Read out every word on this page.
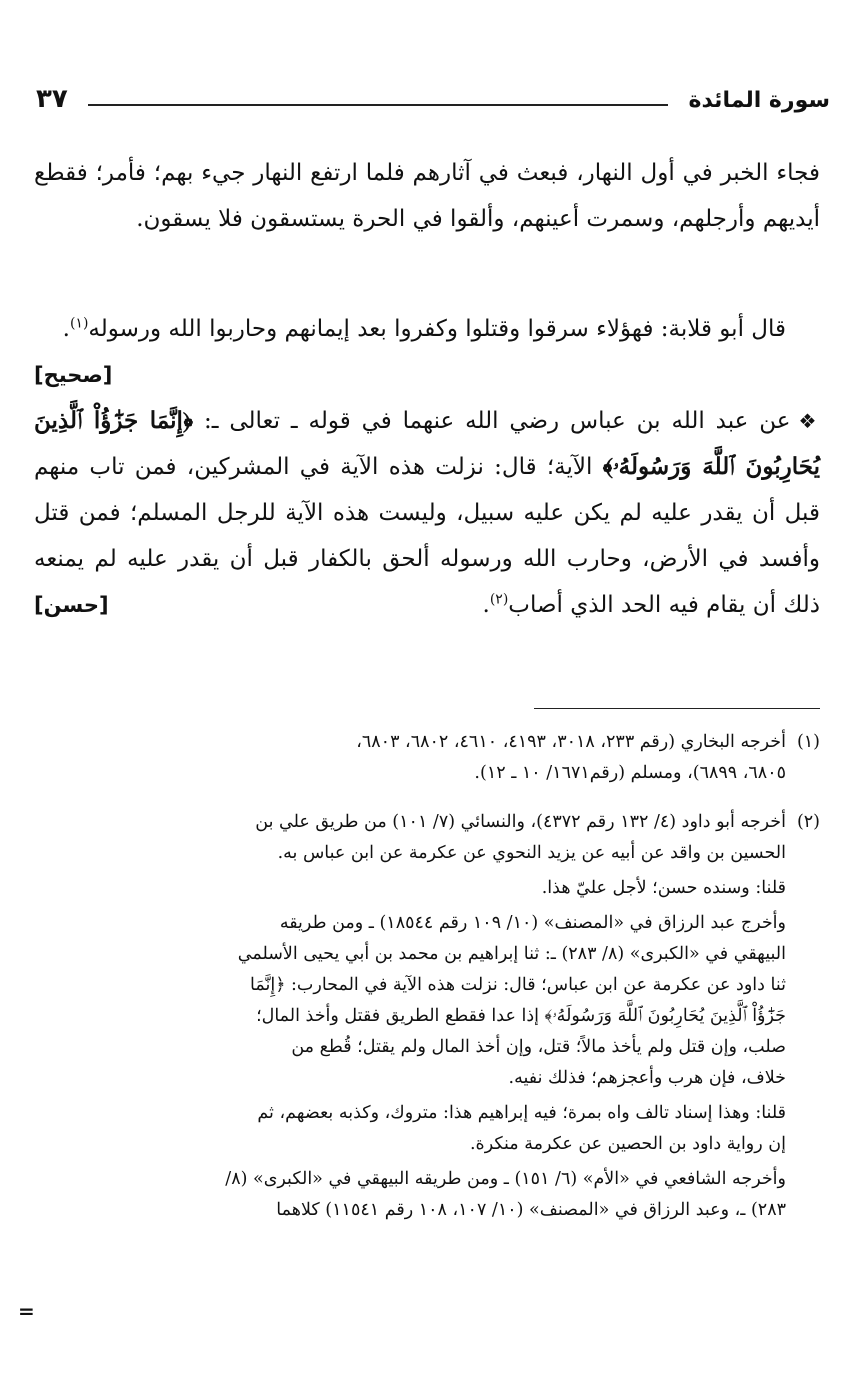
سورة المائدة
٣٧

فجاء الخبر في أول النهار، فبعث في آثارهم فلما ارتفع النهار جيء بهم؛ فأمر؛ فقطع أيديهم وأرجلهم، وسمرت أعينهم، وألقوا في الحرة يستسقون فلا يسقون.

قال أبو قلابة: فهؤلاء سرقوا وقتلوا وكفروا بعد إيمانهم وحاربوا الله ورسوله$^{(١)}$.
[صحيح]

❖عن عبد الله بن عباس رضي الله عنهما في قوله ـ تعالى ـ: ﴿إِنَّمَا جَزَٰٓؤُاْ ٱلَّذِينَ يُحَارِبُونَ ٱللَّهَ وَرَسُولَهُۥ﴾ الآية؛ قال: نزلت هذه الآية في المشركين، فمن تاب منهم قبل أن يقدر عليه لم يكن عليه سبيل، وليست هذه الآية للرجل المسلم؛ فمن قتل وأفسد في الأرض، وحارب الله ورسوله ألحق بالكفار قبل أن يقدر عليه لم يمنعه ذلك أن يقام فيه الحد الذي أصاب$^{(٢)}$.
[حسن]

(١)أخرجه البخاري (رقم ٢٣٣، ٣٠١٨، ٤١٩٣، ٤٦١٠، ٦٨٠٢، ٦٨٠٣،

٦٨٠٥، ٦٨٩٩)، ومسلم (رقم١٦٧١/ ١٠ ـ ١٢).

(٢)أخرجه أبو داود (٤/ ١٣٢ رقم ٤٣٧٢)، والنسائي (٧/ ١٠١) من طريق علي بن

الحسين بن واقد عن أبيه عن يزيد النحوي عن عكرمة عن ابن عباس به.

قلنا: وسنده حسن؛ لأجل عليّ هذا.

وأخرج عبد الرزاق في «المصنف» (١٠/ ١٠٩ رقم ١٨٥٤٤) ـ ومن طريقه

البيهقي في «الكبرى» (٨/ ٢٨٣) ـ: ثنا إبراهيم بن محمد بن أبي يحيى الأسلمي

ثنا داود عن عكرمة عن ابن عباس؛ قال: نزلت هذه الآية في المحارب: ﴿إِنَّمَا

جَزَٰٓؤُاْ ٱلَّذِينَ يُحَارِبُونَ ٱللَّهَ وَرَسُولَهُۥ﴾ إذا عدا فقطع الطريق فقتل وأخذ المال؛

صلب، وإن قتل ولم يأخذ مالاً؛ قتل، وإن أخذ المال ولم يقتل؛ قُطع من

خلاف، فإن هرب وأعجزهم؛ فذلك نفيه.

قلنا: وهذا إسناد تالف واه بمرة؛ فيه إبراهيم هذا: متروك، وكذبه بعضهم، ثم

إن رواية داود بن الحصين عن عكرمة منكرة.

وأخرجه الشافعي في «الأم» (٦/ ١٥١) ـ ومن طريقه البيهقي في «الكبرى» (٨/

٢٨٣) ـ، وعبد الرزاق في «المصنف» (١٠/ ١٠٧، ١٠٨ رقم ١١٥٤١) كلاهما

=
